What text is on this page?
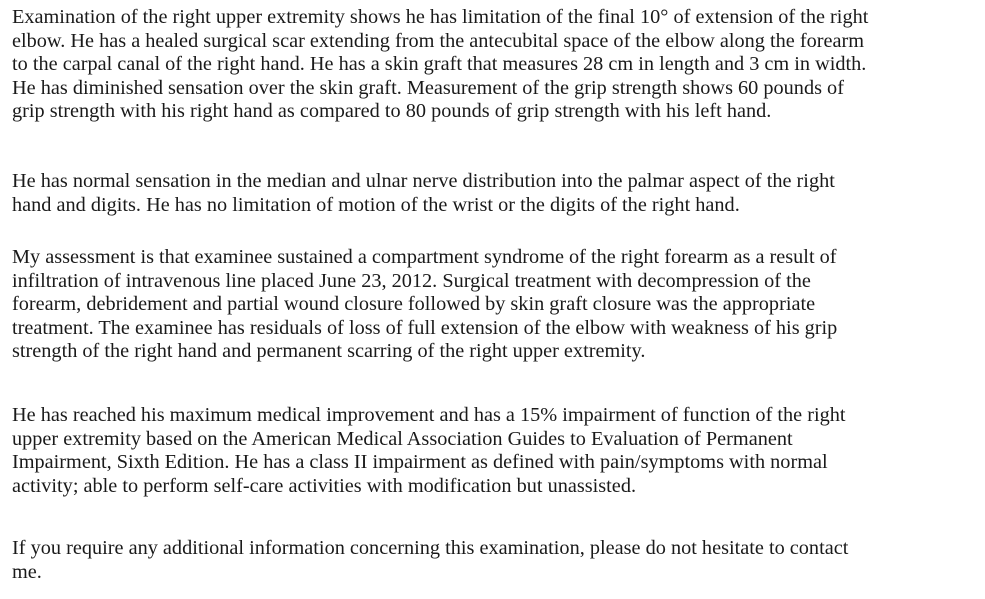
Examination of the right upper extremity shows he has limitation of the final 10° of extension of the right
elbow. He has a healed surgical scar extending from the antecubital space of the elbow along the forearm
to the carpal canal of the right hand. He has a skin graft that measures 28 cm in length and 3 cm in width.
He has diminished sensation over the skin graft. Measurement of the grip strength shows 60 pounds of
grip strength with his right hand as compared to 80 pounds of grip strength with his left hand.

He has normal sensation in the median and ulnar nerve distribution into the palmar aspect of the right
hand and digits. He has no limitation of motion of the wrist or the digits of the right hand.

My assessment is that examinee sustained a compartment syndrome of the right forearm as a result of
infiltration of intravenous line placed June 23, 2012. Surgical treatment with decompression of the
forearm, debridement and partial wound closure followed by skin graft closure was the appropriate
treatment. The examinee has residuals of loss of full extension of the elbow with weakness of his grip
strength of the right hand and permanent scarring of the right upper extremity.

He has reached his maximum medical improvement and has a 15% impairment of function of the right
upper extremity based on the American Medical Association Guides to Evaluation of Permanent
Impairment, Sixth Edition. He has a class II impairment as defined with pain/symptoms with normal
activity; able to perform self-care activities with modification but unassisted.

If you require any additional information concerning this examination, please do not hesitate to contact
me.
